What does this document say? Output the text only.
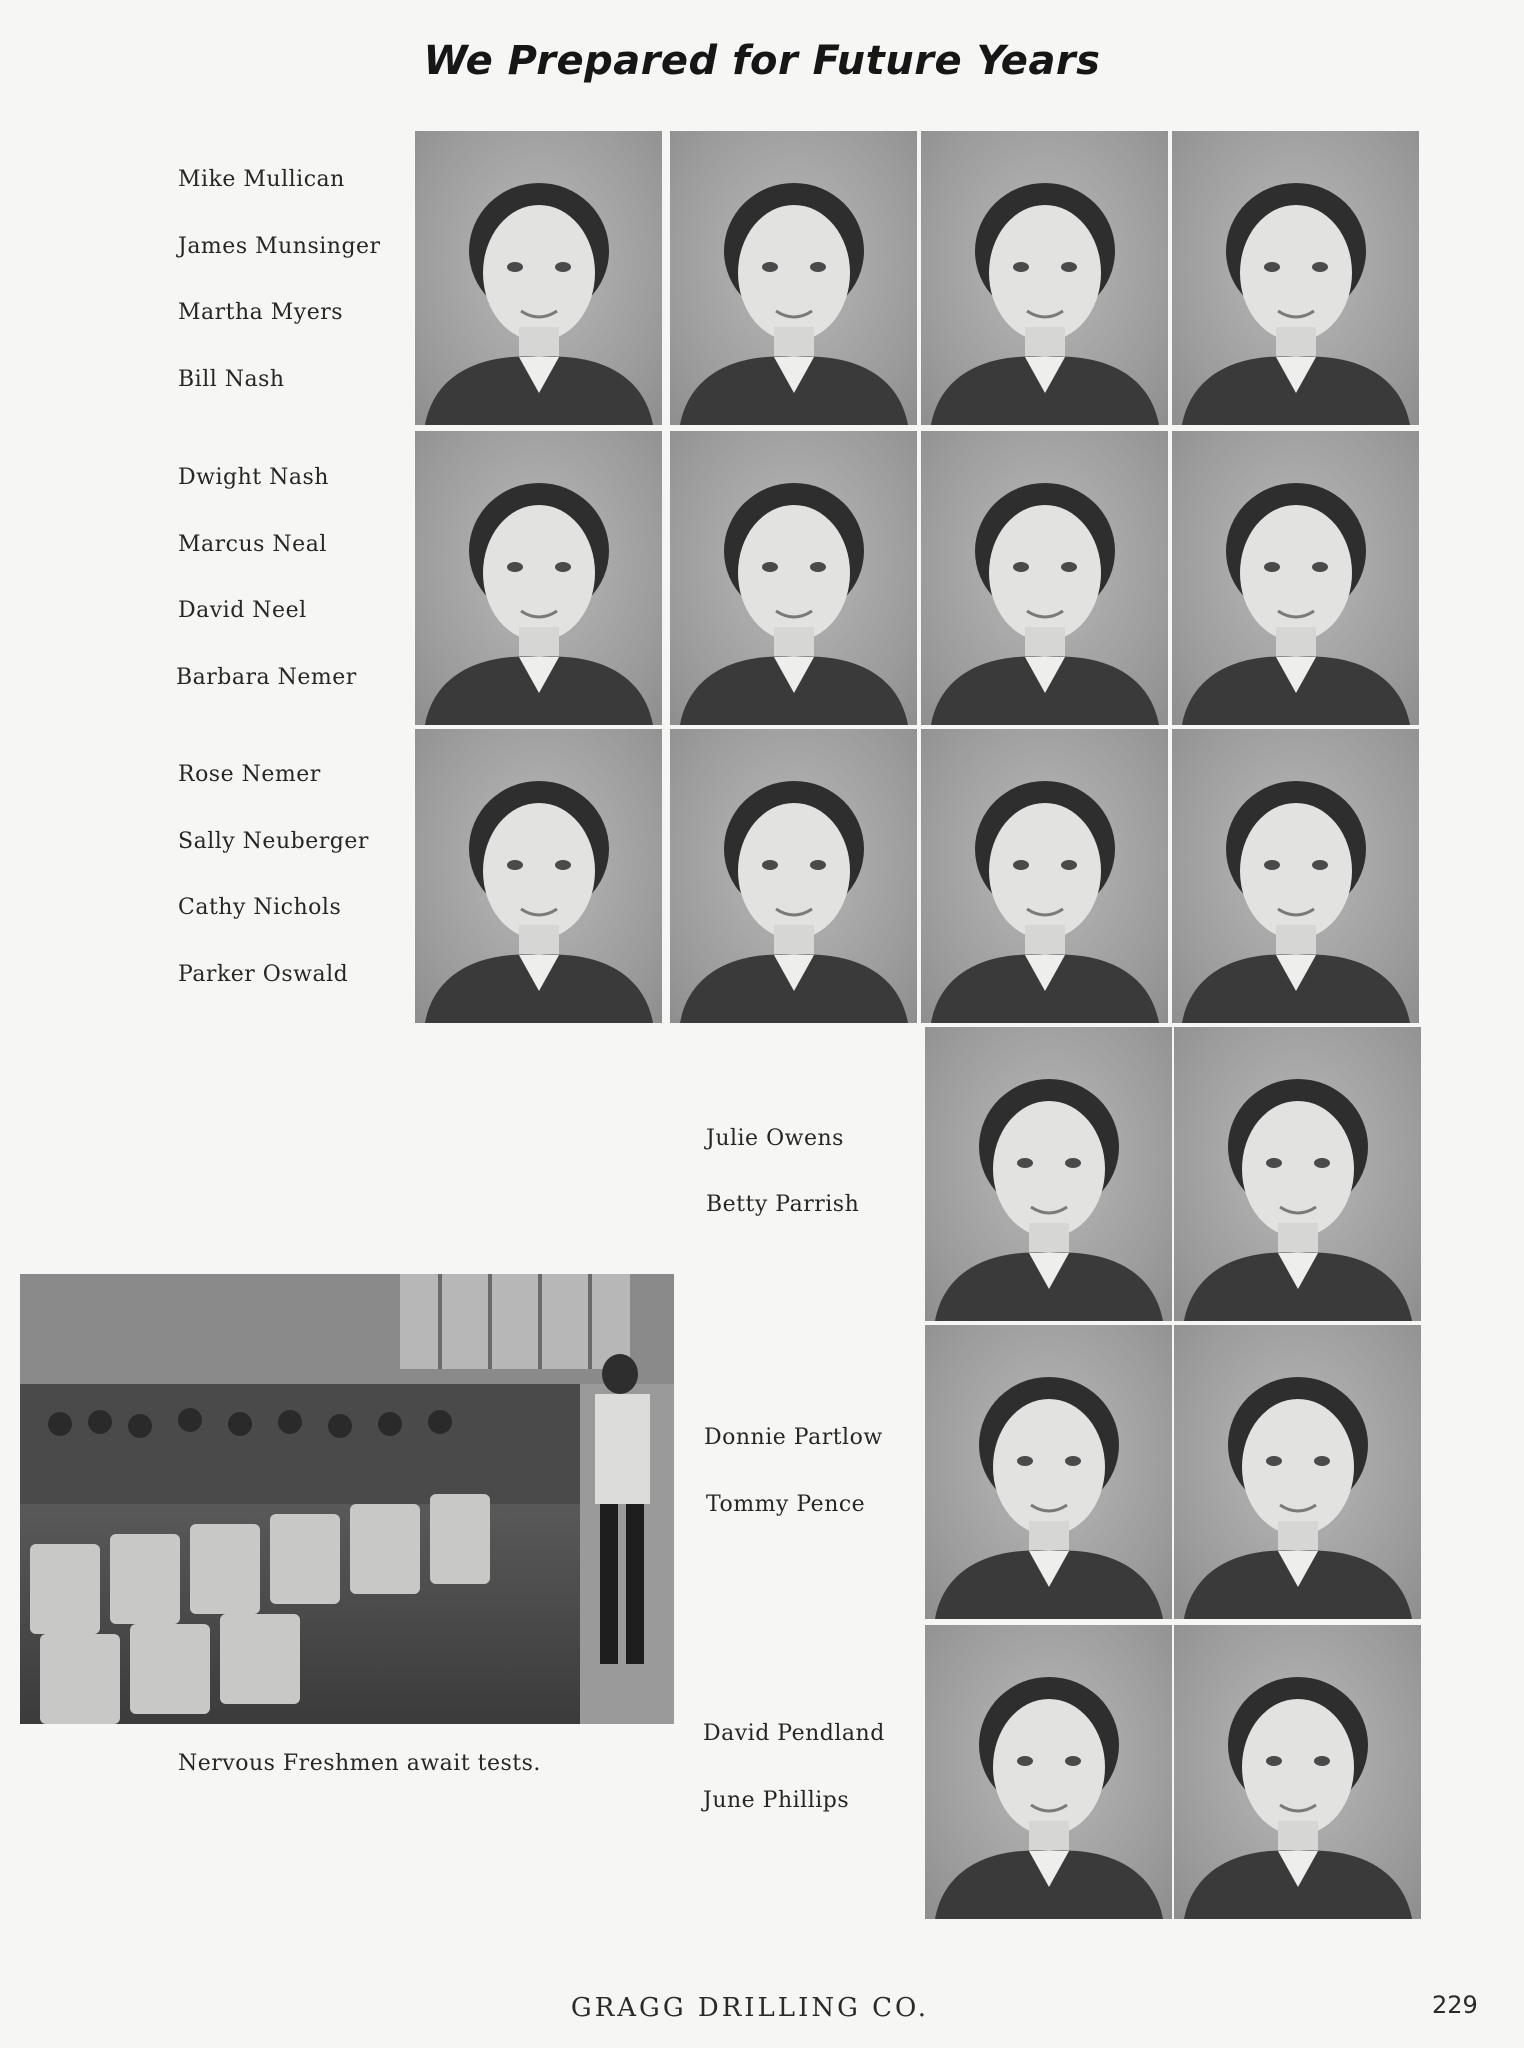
We Prepared for Future Years
Mike Mullican
James Munsinger
Martha Myers
Bill Nash
Dwight Nash
Marcus Neal
David Neel
Barbara Nemer
Rose Nemer
Sally Neuberger
Cathy Nichols
Parker Oswald
Julie Owens
Betty Parrish
Donnie Partlow
Tommy Pence
David Pendland
June Phillips
Nervous Freshmen await tests.
GRAGG DRILLING CO.	229
